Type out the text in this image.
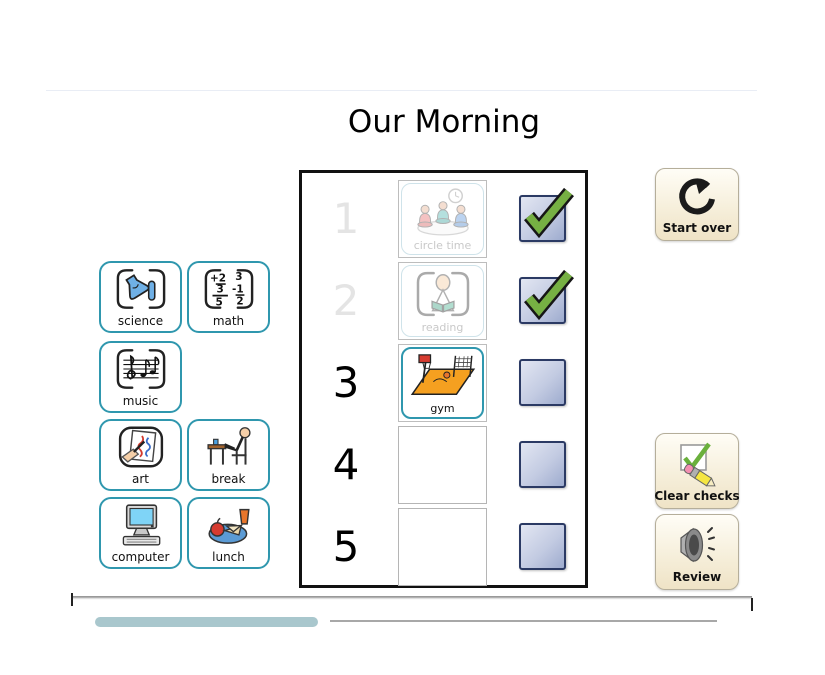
Our Morning
science
+2
3
5
3
-1
2
math
music
art	break
computer	lunch
1
circle time
2
reading
3
gym
4
5
Start over
Clear checks
Review
